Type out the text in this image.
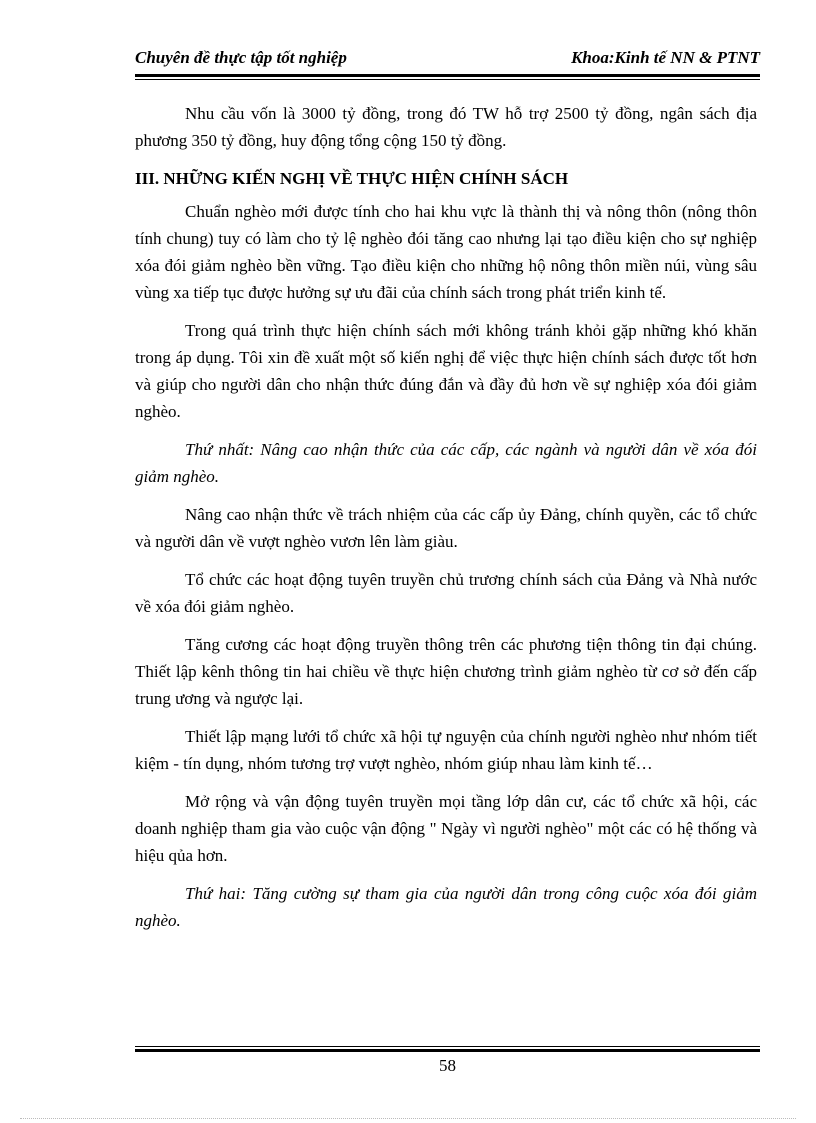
Chuyên đề thực tập tốt nghiệp	Khoa:Kinh tế NN & PTNT

Nhu cầu vốn là 3000 tỷ đồng, trong đó TW hỗ trợ 2500 tỷ đồng, ngân sách địa phương 350 tỷ đồng, huy động tổng cộng 150 tỷ đồng.

III. NHỮNG KIẾN NGHỊ VỀ THỰC HIỆN CHÍNH SÁCH

Chuẩn nghèo mới được tính cho hai khu vực là thành thị và nông thôn (nông thôn tính chung) tuy có làm cho tỷ lệ nghèo đói tăng cao nhưng lại tạo điều kiện cho sự nghiệp xóa đói giảm nghèo bền vững. Tạo điều kiện cho những hộ nông thôn miền núi, vùng sâu vùng xa tiếp tục được hưởng sự ưu đãi của chính sách trong phát triển kinh tế.

Trong quá trình thực hiện chính sách mới không tránh khỏi gặp những khó khăn trong áp dụng. Tôi xin đề xuất một số kiến nghị để việc thực hiện chính sách được tốt hơn và giúp cho người dân cho nhận thức đúng đắn và đầy đủ hơn về sự nghiệp xóa đói giảm nghèo.

Thứ nhất: Nâng cao nhận thức của các cấp, các ngành và người dân về xóa đói giảm nghèo.

Nâng cao nhận thức về trách nhiệm của các cấp ủy Đảng, chính quyền, các tổ chức và người dân về vượt nghèo vươn lên làm giàu.

Tổ chức các hoạt động tuyên truyền chủ trương chính sách của Đảng và Nhà nước về xóa đói giảm nghèo.

Tăng cương các hoạt động truyền thông trên các phương tiện thông tin đại chúng. Thiết lập kênh thông tin hai chiều về thực hiện chương trình giảm nghèo từ cơ sở đến cấp trung ương và ngược lại.

Thiết lập mạng lưới tổ chức xã hội tự nguyện của chính người nghèo như nhóm tiết kiệm - tín dụng, nhóm tương trợ vượt nghèo, nhóm giúp nhau làm kinh tế…

Mở rộng và vận động tuyên truyền mọi tầng lớp dân cư, các tổ chức xã hội, các doanh nghiệp tham gia vào cuộc vận động " Ngày vì người nghèo" một các có hệ thống và hiệu qủa hơn.

Thứ hai: Tăng cường sự tham gia của người dân trong công cuộc xóa đói giảm nghèo.

58
